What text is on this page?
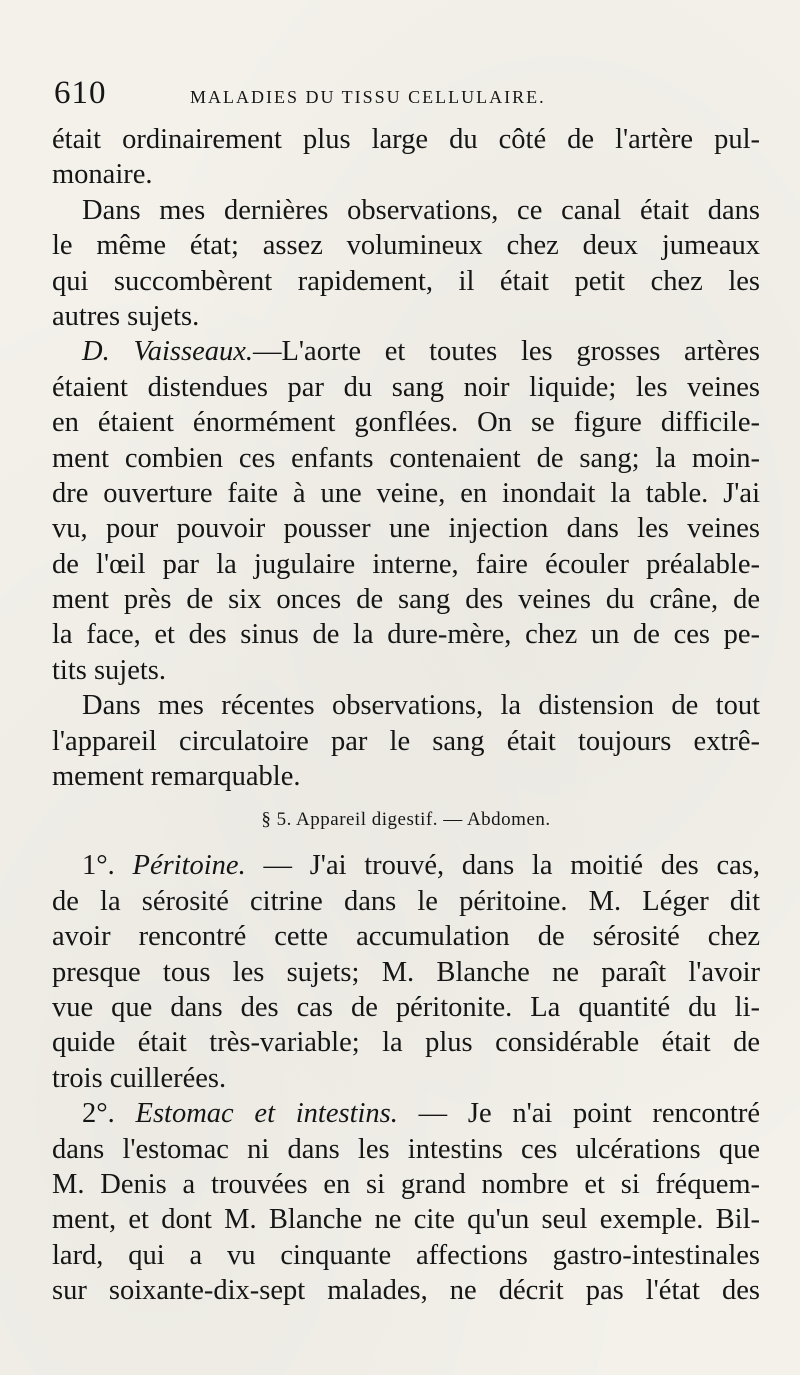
610	MALADIES DU TISSU CELLULAIRE.
était ordinairement plus large du côté de l'artère pul-
monaire.
Dans mes dernières observations, ce canal était dans
le même état; assez volumineux chez deux jumeaux
qui succombèrent rapidement, il était petit chez les
autres sujets.
D. Vaisseaux.—L'aorte et toutes les grosses artères
étaient distendues par du sang noir liquide; les veines
en étaient énormément gonflées. On se figure difficile-
ment combien ces enfants contenaient de sang; la moin-
dre ouverture faite à une veine, en inondait la table. J'ai
vu, pour pouvoir pousser une injection dans les veines
de l'œil par la jugulaire interne, faire écouler préalable-
ment près de six onces de sang des veines du crâne, de
la face, et des sinus de la dure-mère, chez un de ces pe-
tits sujets.
Dans mes récentes observations, la distension de tout
l'appareil circulatoire par le sang était toujours extrê-
mement remarquable.
§ 5. Appareil digestif. — Abdomen.
1°. Péritoine. — J'ai trouvé, dans la moitié des cas,
de la sérosité citrine dans le péritoine. M. Léger dit
avoir rencontré cette accumulation de sérosité chez
presque tous les sujets; M. Blanche ne paraît l'avoir
vue que dans des cas de péritonite. La quantité du li-
quide était très-variable; la plus considérable était de
trois cuillerées.
2°. Estomac et intestins. — Je n'ai point rencontré
dans l'estomac ni dans les intestins ces ulcérations que
M. Denis a trouvées en si grand nombre et si fréquem-
ment, et dont M. Blanche ne cite qu'un seul exemple. Bil-
lard, qui a vu cinquante affections gastro-intestinales
sur soixante-dix-sept malades, ne décrit pas l'état des
